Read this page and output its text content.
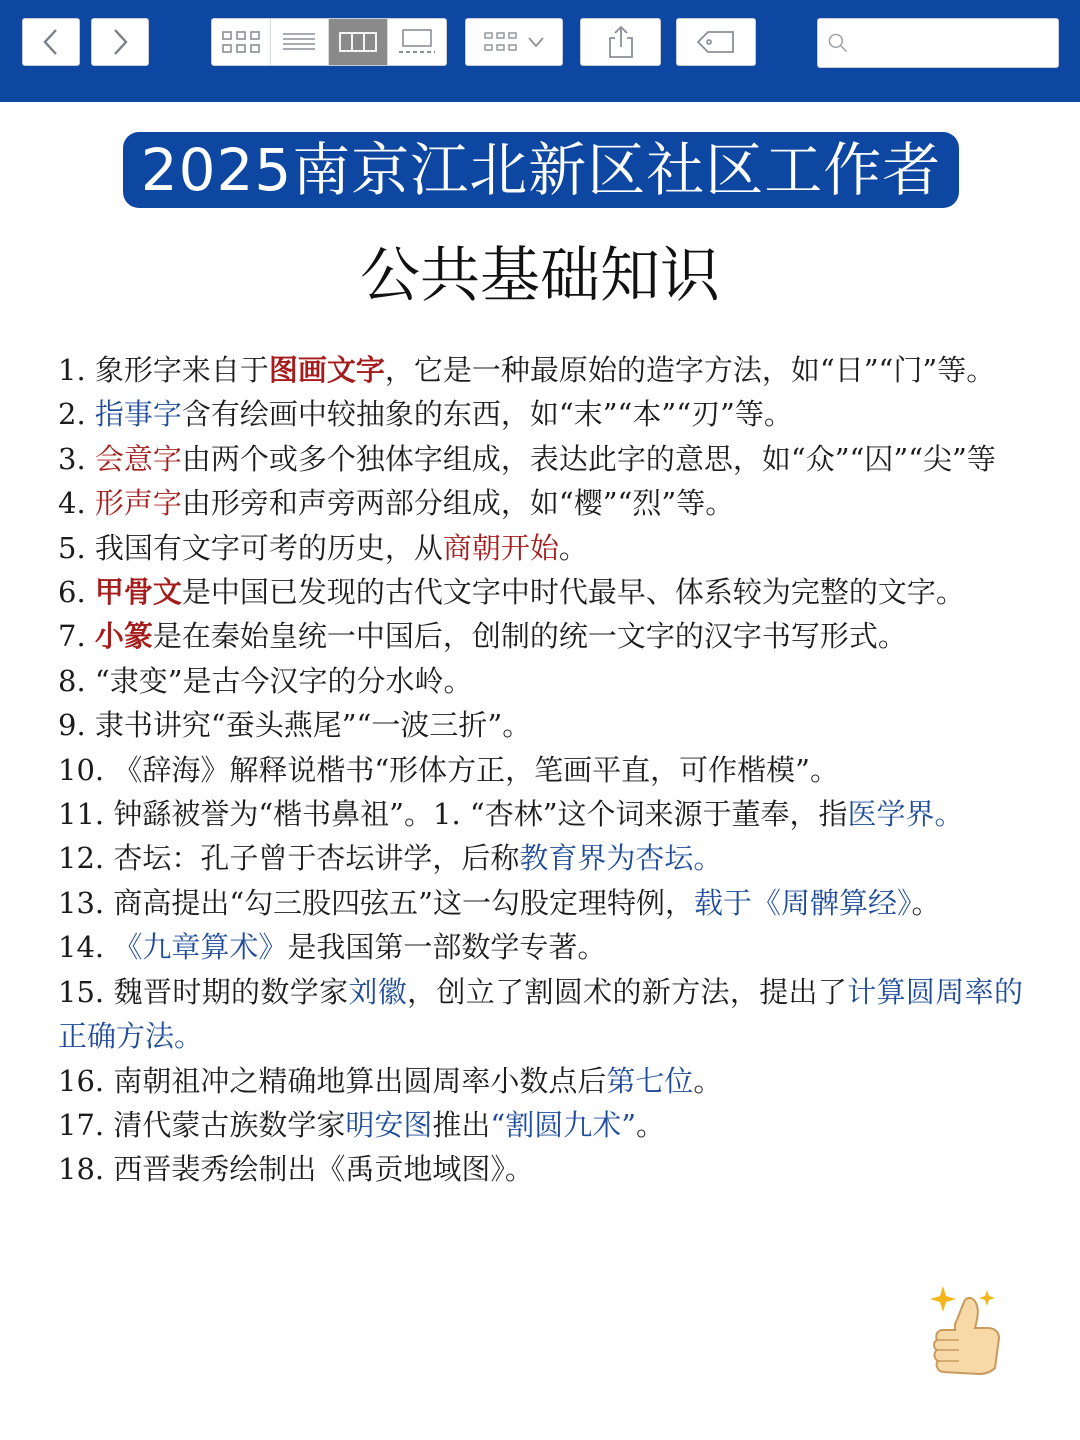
2025南京江北新区社区工作者
公共基础知识
1. 象形字来自于图画文字，它是一种最原始的造字方法，如“日”“门”等。
2. 指事字含有绘画中较抽象的东西，如“末”“本”“刃”等。
3. 会意字由两个或多个独体字组成，表达此字的意思，如“众”“囚”“尖”等
4. 形声字由形旁和声旁两部分组成，如“樱”“烈”等。
5. 我国有文字可考的历史，从商朝开始。
6. 甲骨文是中国已发现的古代文字中时代最早、体系较为完整的文字。
7. 小篆是在秦始皇统一中国后，创制的统一文字的汉字书写形式。
8. “隶变”是古今汉字的分水岭。
9. 隶书讲究“蚕头燕尾”“一波三折”。
10. 《辞海》解释说楷书“形体方正，笔画平直，可作楷模”。
11. 钟繇被誉为“楷书鼻祖”。1. “杏林”这个词来源于董奉，指医学界。
12. 杏坛：孔子曾于杏坛讲学，后称教育界为杏坛。
13. 商高提出“勾三股四弦五”这一勾股定理特例，载于《周髀算经》。
14. 《九章算术》是我国第一部数学专著。
15. 魏晋时期的数学家刘徽，创立了割圆术的新方法，提出了计算圆周率的正确方法。
16. 南朝祖冲之精确地算出圆周率小数点后第七位。
17. 清代蒙古族数学家明安图推出“割圆九术”。
18. 西晋裴秀绘制出《禹贡地域图》。
